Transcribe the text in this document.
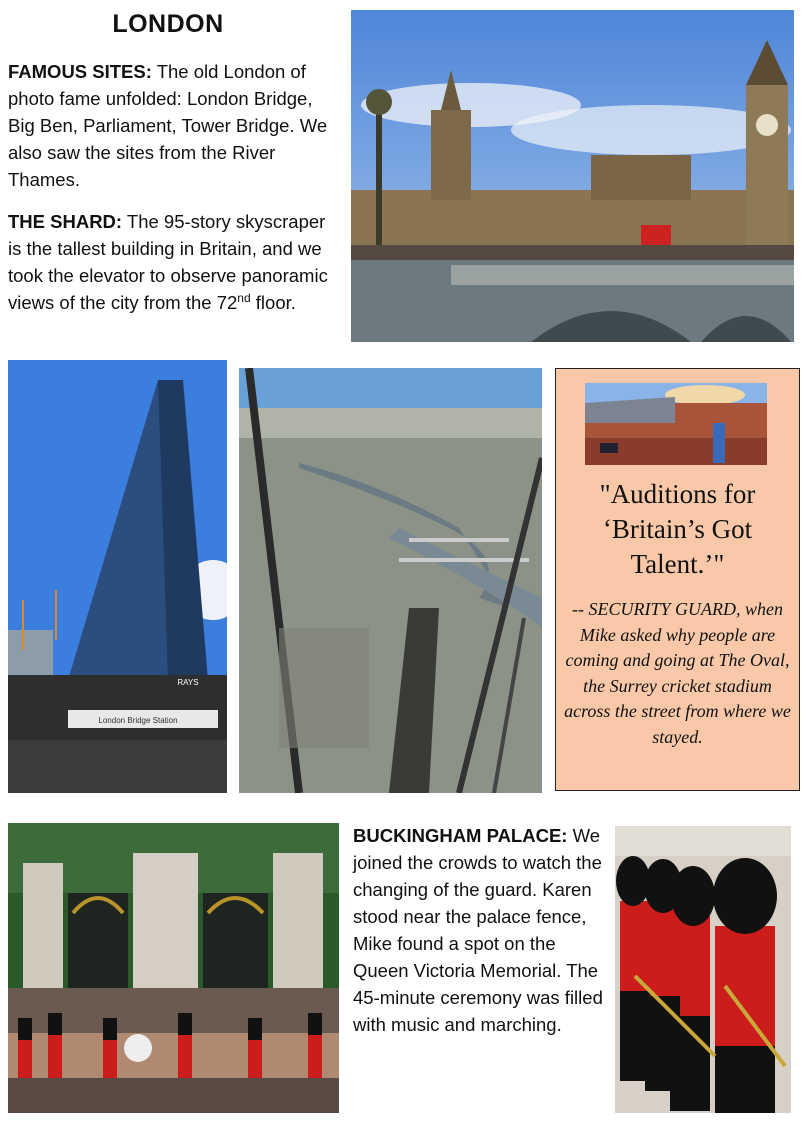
LONDON
FAMOUS SITES: The old London of photo fame unfolded: London Bridge, Big Ben, Parliament, Tower Bridge. We also saw the sites from the River Thames.
THE SHARD: The 95-story skyscraper is the tallest building in Britain, and we took the elevator to observe panoramic views of the city from the 72nd floor.
London Bridge Station
RAYS
"Auditions for ‘Britain’s Got Talent.’"
-- SECURITY GUARD, when Mike asked why people are coming and going at The Oval, the Surrey cricket stadium across the street from where we stayed.
BUCKINGHAM PALACE: We joined the crowds to watch the changing of the guard. Karen stood near the palace fence, Mike found a spot on the Queen Victoria Memorial. The 45-minute ceremony was filled with music and marching.
